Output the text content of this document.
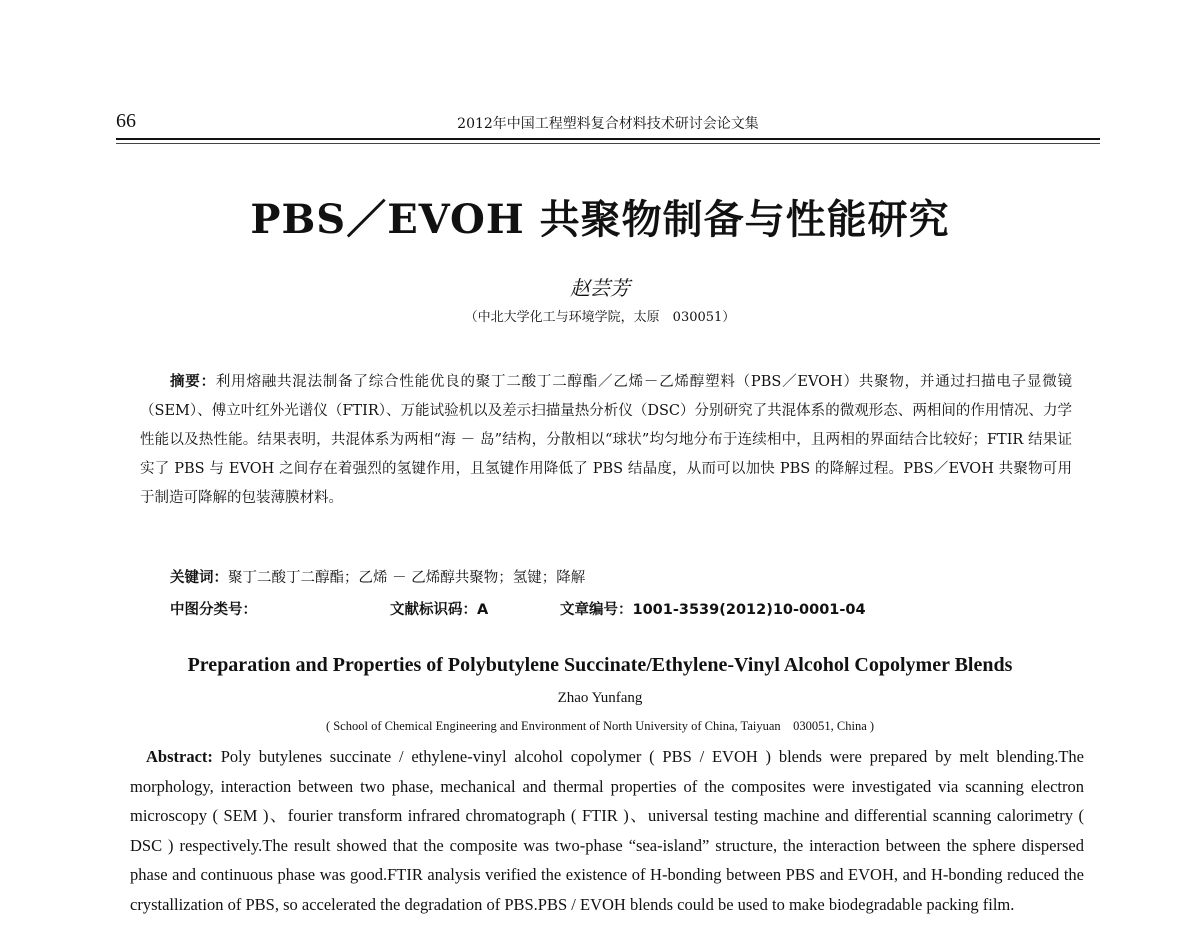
66	2012年中国工程塑料复合材料技术研讨会论文集
PBS／EVOH 共聚物制备与性能研究
赵芸芳
（中北大学化工与环境学院，太原　030051）
摘要：利用熔融共混法制备了综合性能优良的聚丁二酸丁二醇酯／乙烯－乙烯醇塑料（PBS／EVOH）共聚物，并通过扫描电子显微镜（SEM）、傅立叶红外光谱仪（FTIR）、万能试验机以及差示扫描量热分析仪（DSC）分别研究了共混体系的微观形态、两相间的作用情况、力学性能以及热性能。结果表明，共混体系为两相“海 － 岛”结构，分散相以“球状”均匀地分布于连续相中，且两相的界面结合比较好；FTIR 结果证实了 PBS 与 EVOH 之间存在着强烈的氢键作用，且氢键作用降低了 PBS 结晶度，从而可以加快 PBS 的降解过程。PBS／EVOH 共聚物可用于制造可降解的包装薄膜材料。
关键词：聚丁二酸丁二醇酯；乙烯 － 乙烯醇共聚物；氢键；降解
中图分类号：	文献标识码：A	文章编号：1001-3539(2012)10-0001-04
Preparation and Properties of Polybutylene Succinate/Ethylene-Vinyl Alcohol Copolymer Blends
Zhao Yunfang
( School of Chemical Engineering and Environment of North University of China, Taiyuan　030051, China )
Abstract: Poly butylenes succinate / ethylene-vinyl alcohol copolymer ( PBS / EVOH ) blends were prepared by melt blending.The morphology, interaction between two phase, mechanical and thermal properties of the composites were investigated via scanning electron microscopy ( SEM )、fourier transform infrared chromatograph ( FTIR )、universal testing machine and differential scanning calorimetry ( DSC ) respectively.The result showed that the composite was two-phase “sea-island” structure, the interaction between the sphere dispersed phase and continuous phase was good.FTIR analysis verified the existence of H-bonding between PBS and EVOH, and H-bonding reduced the crystallization of PBS, so accelerated the degradation of PBS.PBS / EVOH blends could be used to make biodegradable packing film.
